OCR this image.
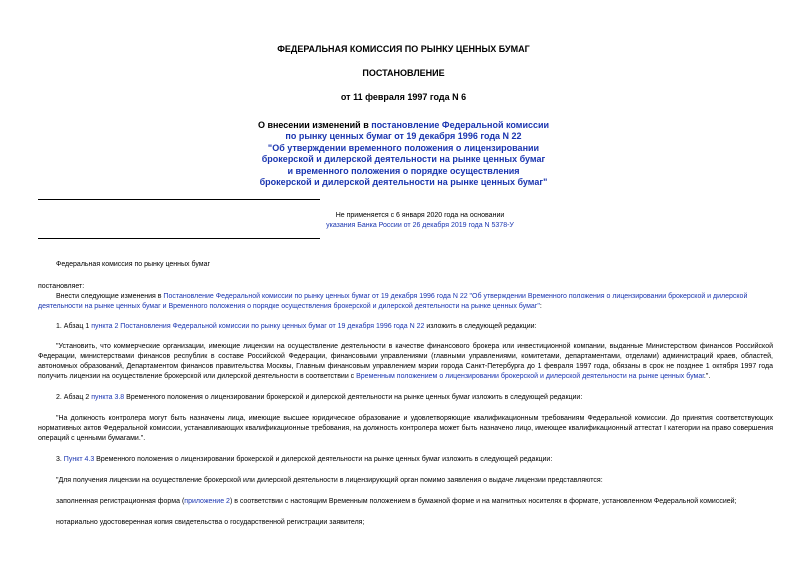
ФЕДЕРАЛЬНАЯ КОМИССИЯ ПО РЫНКУ ЦЕННЫХ БУМАГ
ПОСТАНОВЛЕНИЕ
от 11 февраля 1997 года N 6
О внесении изменений в постановление Федеральной комиссии
по рынку ценных бумаг от 19 декабря 1996 года N 22
"Об утверждении временного положения о лицензировании
брокерской и дилерской деятельности на рынке ценных бумаг
и временного положения о порядке осуществления
брокерской и дилерской деятельности на рынке ценных бумаг"
Не применяется с 6 января 2020 года на основании
указания Банка России от 26 декабря 2019 года N 5378-У
Федеральная комиссия по рынку ценных бумаг
постановляет:
Внести следующие изменения в Постановление Федеральной комиссии по рынку ценных бумаг от 19 декабря 1996 года N 22 "Об утверждении Временного положения о лицензировании брокерской и дилерской деятельности на рынке ценных бумаг и Временного положения о порядке осуществления брокерской и дилерской деятельности на рынке ценных бумаг":
1. Абзац 1 пункта 2 Постановления Федеральной комиссии по рынку ценных бумаг от 19 декабря 1996 года N 22 изложить в следующей редакции:
"Установить, что коммерческие организации, имеющие лицензии на осуществление деятельности в качестве финансового брокера или инвестиционной компании, выданные Министерством финансов Российской Федерации, министерствами финансов республик в составе Российской Федерации, финансовыми управлениями (главными управлениями, комитетами, департаментами, отделами) администраций краев, областей, автономных образований, Департаментом финансов правительства Москвы, Главным финансовым управлением мэрии города Санкт-Петербурга до 1 февраля 1997 года, обязаны в срок не позднее 1 октября 1997 года получить лицензии на осуществление брокерской или дилерской деятельности в соответствии с Временным положением о лицензировании брокерской и дилерской деятельности на рынке ценных бумаг.".
2. Абзац 2 пункта 3.8 Временного положения о лицензировании брокерской и дилерской деятельности на рынке ценных бумаг изложить в следующей редакции:
"На должность контролера могут быть назначены лица, имеющие высшее юридическое образование и удовлетворяющие квалификационным требованиям Федеральной комиссии. До принятия соответствующих нормативных актов Федеральной комиссии, устанавливающих квалификационные требования, на должность контролера может быть назначено лицо, имеющее квалификационный аттестат I категории на право совершения операций с ценными бумагами.".
3. Пункт 4.3 Временного положения о лицензировании брокерской и дилерской деятельности на рынке ценных бумаг изложить в следующей редакции:
"Для получения лицензии на осуществление брокерской или дилерской деятельности в лицензирующий орган помимо заявления о выдаче лицензии представляются:
заполненная регистрационная форма (приложение 2) в соответствии с настоящим Временным положением в бумажной форме и на магнитных носителях в формате, установленном Федеральной комиссией;
нотариально удостоверенная копия свидетельства о государственной регистрации заявителя;
